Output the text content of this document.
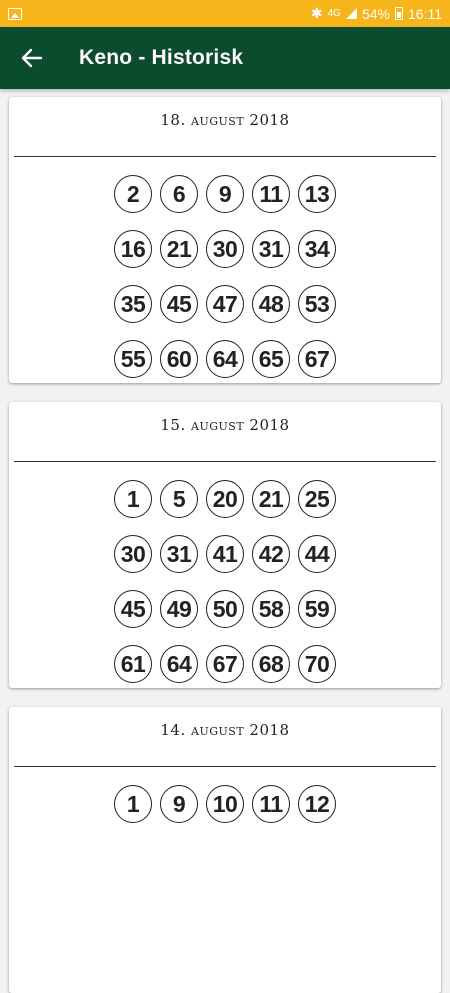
✱ 4G 54% 16:11
Keno - Historisk
18. august 2018
2	6	9	11 13
16 21 30 31 34
35 45 47 48 53
55 60 64 65 67
15. august 2018
1	5	20 21 25
30 31 41 42 44
45 49 50 58 59
61 64 67 68 70
14. august 2018
1	9	10 11 12
